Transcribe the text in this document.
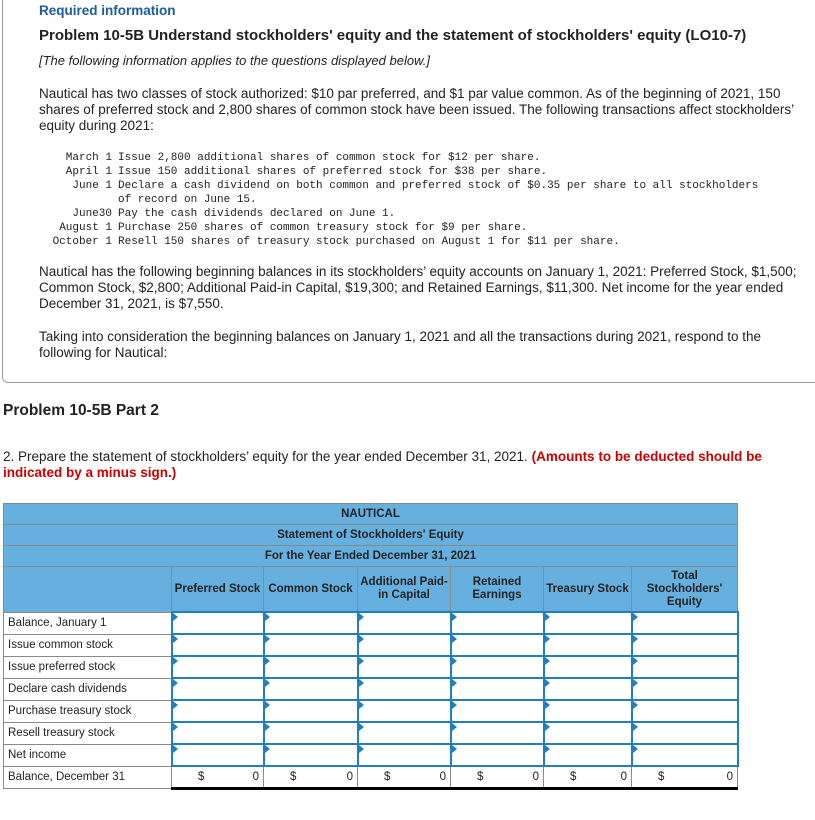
Required information
Problem 10-5B Understand stockholders' equity and the statement of stockholders' equity (LO10-7)
[The following information applies to the questions displayed below.]
Nautical has two classes of stock authorized: $10 par preferred, and $1 par value common. As of the beginning of 2021, 150 shares of preferred stock and 2,800 shares of common stock have been issued. The following transactions affect stockholders’ equity during 2021:
March 1 Issue 2,800 additional shares of common stock for $12 per share.
April 1 Issue 150 additional shares of preferred stock for $38 per share.
June 1 Declare a cash dividend on both common and preferred stock of $0.35 per share to all stockholders
of record on June 15.
June30 Pay the cash dividends declared on June 1.
August 1 Purchase 250 shares of common treasury stock for $9 per share.
October 1 Resell 150 shares of treasury stock purchased on August 1 for $11 per share.
Nautical has the following beginning balances in its stockholders’ equity accounts on January 1, 2021: Preferred Stock, $1,500; Common Stock, $2,800; Additional Paid-in Capital, $19,300; and Retained Earnings, $11,300. Net income for the year ended December 31, 2021, is $7,550.
Taking into consideration the beginning balances on January 1, 2021 and all the transactions during 2021, respond to the following for Nautical:
Problem 10-5B Part 2
2. Prepare the statement of stockholders’ equity for the year ended December 31, 2021. (Amounts to be deducted should be indicated by a minus sign.)
NAUTICAL						
Statement of Stockholders' Equity						
For the Year Ended December 31, 2021						
	Preferred Stock	Common Stock	Additional Paid-in Capital	Retained Earnings	Treasury Stock	Total Stockholders' Equity
Balance, January 1						
Issue common stock						
Issue preferred stock						
Declare cash dividends						
Purchase treasury stock						
Resell treasury stock						
Net income						
Balance, December 31	$ 0	$ 0	$ 0	$ 0	$ 0	$ 0
